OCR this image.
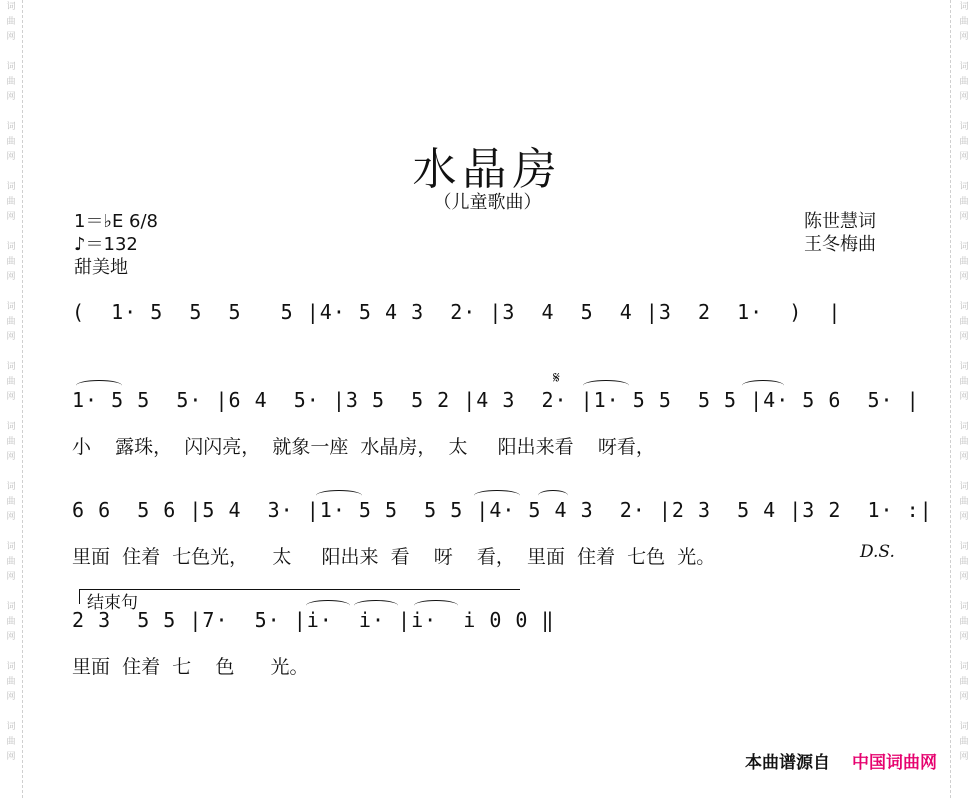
词曲网
词曲网
词曲网
词曲网
词曲网
词曲网
词曲网
词曲网
词曲网
词曲网
词曲网
词曲网
词曲网
词曲网
词曲网
词曲网
词曲网
词曲网
词曲网
词曲网
词曲网
词曲网
词曲网
词曲网
词曲网
词曲网
水晶房
（儿童歌曲）
1＝♭E 6/8
♪＝132
甜美地
陈世慧词
王冬梅曲
(  1· 5  5  5   5 |4· 5 4 3  2· |3  4  5  4 |3  2  1·  )  |
𝄋
1· 5 5  5· |6 4  5· |3 5  5 2 |4 3  2· |1· 5 5  5 5 |4· 5 6  5· |
小    露珠，  闪闪亮，  就象一座  水晶房，  太     阳出来看    呀看，
6 6  5 6 |5 4  3· |1· 5 5  5 5 |4· 5 4 3  2· |2 3  5 4 |3 2  1· :|
里面  住着  七色光，    太     阳出来  看    呀    看，  里面  住着  七色  光。	D.S.
结束句
2 3  5 5 |7·  5· |i·  i· |i·  i 0 0 ‖
里面  住着  七    色      光。
本曲谱源自 中国词曲网
